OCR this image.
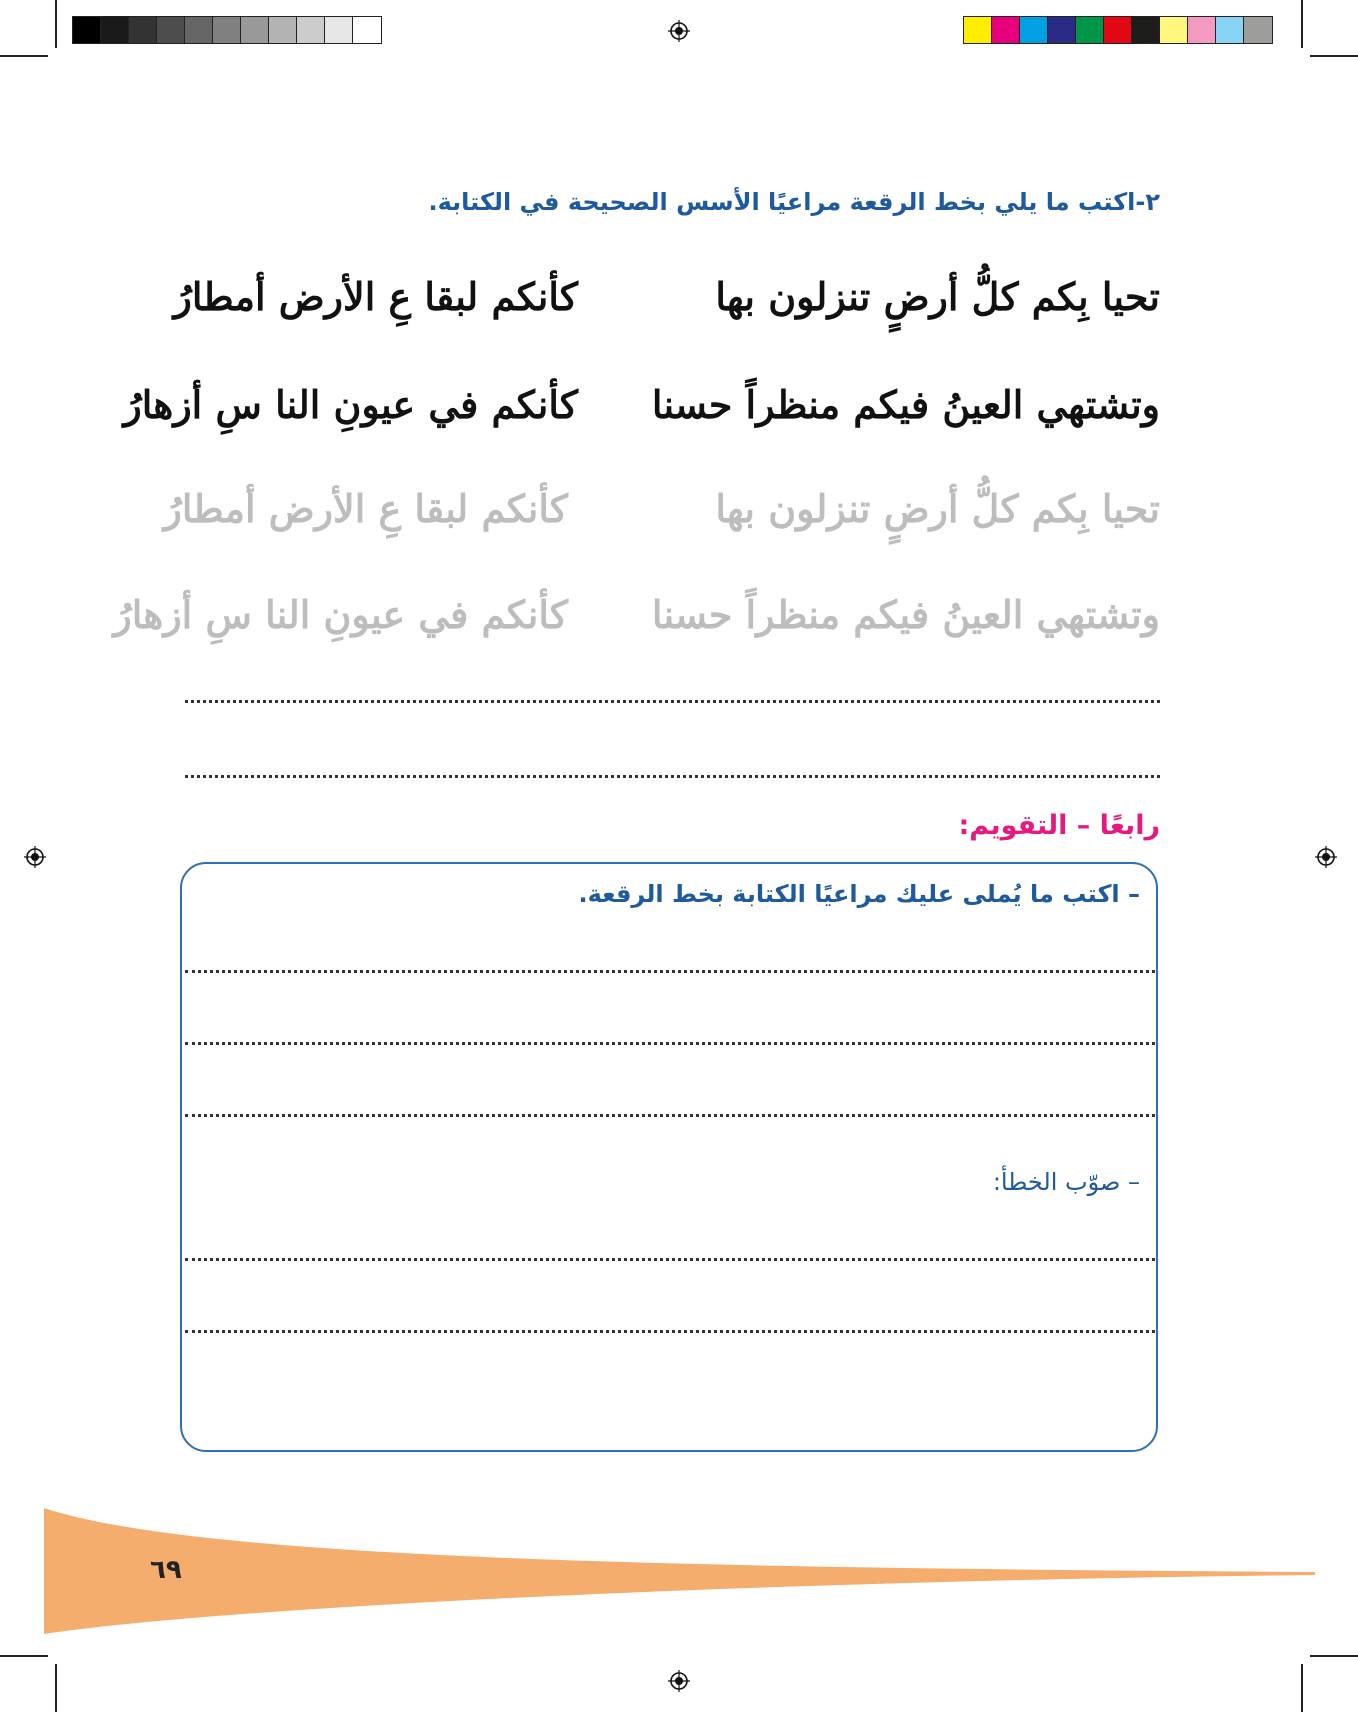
٢-اكتب ما يلي بخط الرقعة مراعيًا الأسس الصحيحة في الكتابة.
تحيا بِكم كلُّ أرضٍ تنزلون بها
كأنكم لبقا عِ الأرض أمطارُ
وتشتهي العينُ فيكم منظراً حسنا
كأنكم في عيونِ النا سِ أزهارُ
تحيا بِكم كلُّ أرضٍ تنزلون بها
كأنكم لبقا عِ الأرض أمطارُ
وتشتهي العينُ فيكم منظراً حسنا
كأنكم في عيونِ النا سِ أزهارُ
رابعًا – التقويم:
– اكتب ما يُملى عليك مراعيًا الكتابة بخط الرقعة.
– صوّب الخطأ:
٦٩
